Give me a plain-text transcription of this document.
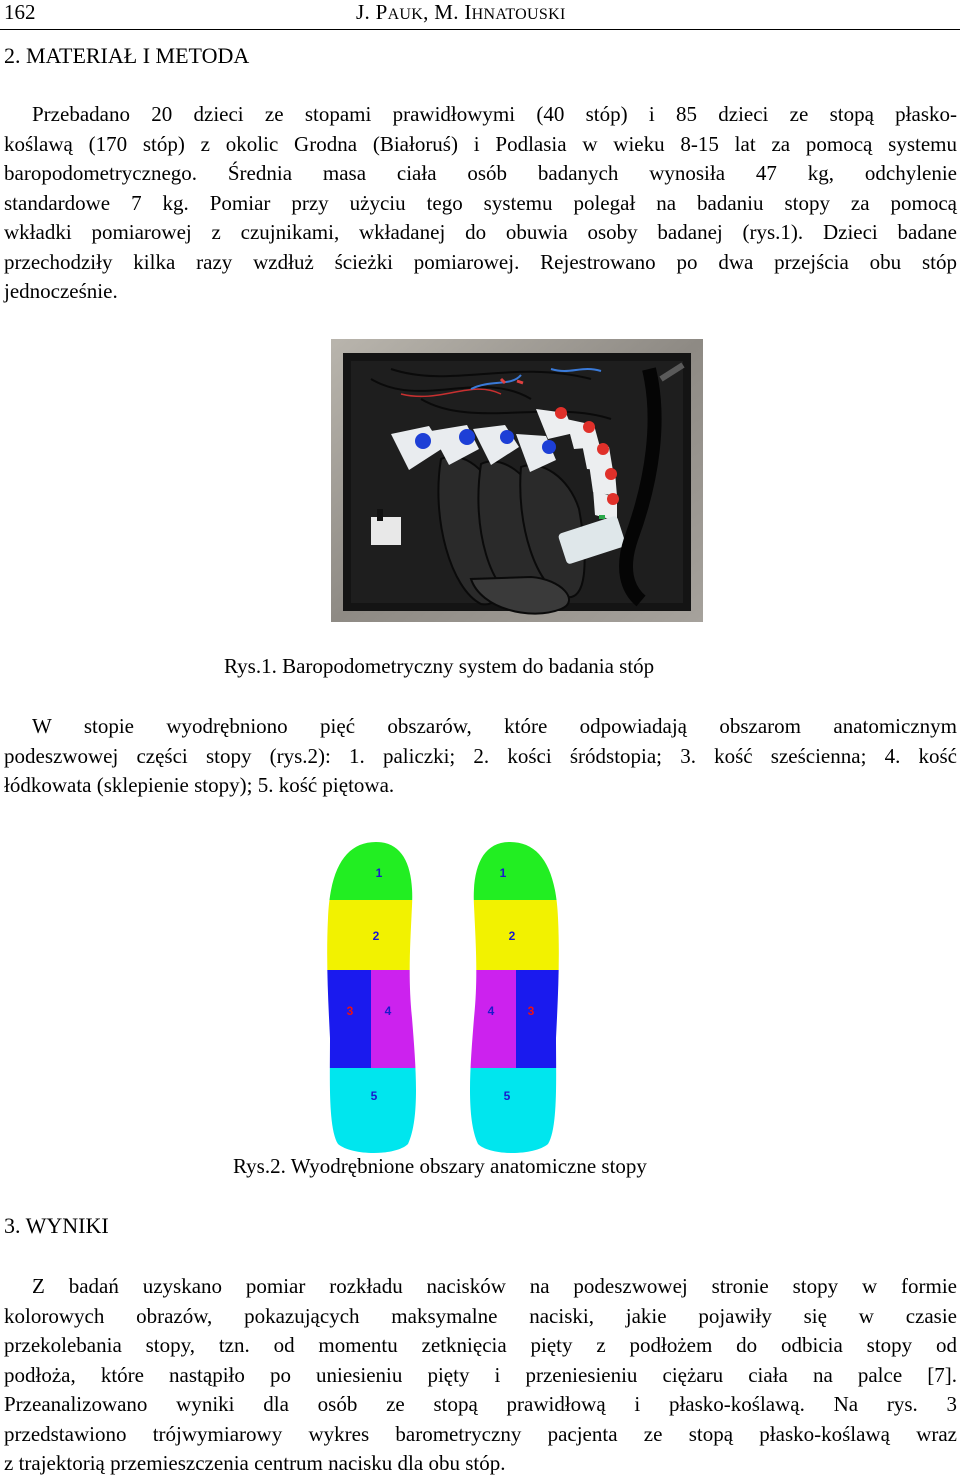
162	J. PAUK, M. IHNATOUSKI
2. MATERIAŁ I METODA
Przebadano 20 dzieci ze stopami prawidłowymi (40 stóp) i 85 dzieci ze stopą płasko-
koślawą (170 stóp) z okolic Grodna (Białoruś) i Podlasia w wieku 8-15 lat za pomocą systemu
baropodometrycznego. Średnia masa ciała osób badanych wynosiła 47 kg, odchylenie
standardowe 7 kg. Pomiar przy użyciu tego systemu polegał na badaniu stopy za pomocą
wkładki pomiarowej z czujnikami, wkładanej do obuwia osoby badanej (rys.1). Dzieci badane
przechodziły kilka razy wzdłuż ścieżki pomiarowej. Rejestrowano po dwa przejścia obu stóp
jednocześnie.
Rys.1. Baropodometryczny system do badania stóp
W stopie wyodrębniono pięć obszarów, które odpowiadają obszarom anatomicznym
podeszwowej części stopy (rys.2): 1. paliczki; 2. kości śródstopia; 3. kość sześcienna; 4. kość
łódkowata (sklepienie stopy); 5. kość piętowa.
1
2
3	4
5
1
2
4	3
5
Rys.2. Wyodrębnione obszary anatomiczne stopy
3. WYNIKI
Z badań uzyskano pomiar rozkładu nacisków na podeszwowej stronie stopy w formie
kolorowych obrazów, pokazujących maksymalne naciski, jakie pojawiły się w czasie
przekolebania stopy, tzn. od momentu zetknięcia pięty z podłożem do odbicia stopy od
podłoża, które nastąpiło po uniesieniu pięty i przeniesieniu ciężaru ciała na palce [7].
Przeanalizowano wyniki dla osób ze stopą prawidłową i płasko-koślawą. Na rys. 3
przedstawiono trójwymiarowy wykres barometryczny pacjenta ze stopą płasko-koślawą wraz
z trajektorią przemieszczenia centrum nacisku dla obu stóp.
